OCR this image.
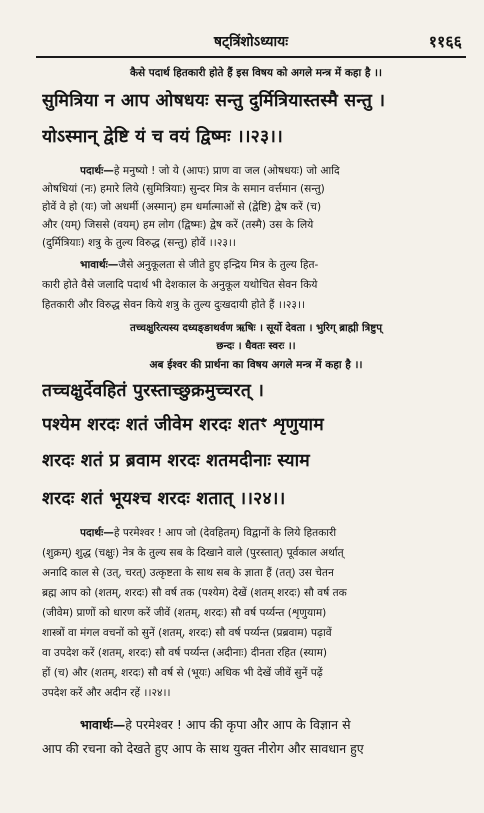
षट्त्रिंशोऽध्यायः	११६६
कैसे पदार्थ हितकारी होते हैं इस विषय को अगले मन्त्र में कहा है ।।
सुमित्रिया न आप ओषधयः सन्तु दुर्मित्रियास्तस्मै सन्तु ।
योऽस्मान् द्वेष्टि यं च वयं द्विष्मः ।।२३।।
पदार्थः—हे मनुष्यो ! जो ये (आपः) प्राण वा जल (ओषधयः) जो आदि
ओषधियां (नः) हमारे लिये (सुमित्रियाः) सुन्दर मित्र के समान वर्त्तमान (सन्तु)
होवें वे हो (यः) जो अधर्मी (अस्मान्) हम धर्मात्माओं से (द्वेष्टि) द्वेष करें (च)
और (यम्) जिससे (वयम्) हम लोग (द्विष्मः) द्वेष करें (तस्मै) उस के लिये
(दुर्मित्रियाः) शत्रु के तुल्य विरुद्ध (सन्तु) होवें ।।२३।।
भावार्थः—जैसे अनुकूलता से जीते हुए इन्द्रिय मित्र के तुल्य हित-
कारी होते वैसे जलादि पदार्थ भी देशकाल के अनुकूल यथोचित सेवन किये
हितकारी और विरुद्ध सेवन किये शत्रु के तुल्य दुःखदायी होते हैं ।।२३।।
तच्चक्षुरित्यस्य दध्यङ्ङाथर्वण ऋषिः । सूर्यो देवता । भुरिग् ब्राह्मी त्रिष्टुप्
छन्दः । धैवतः स्वरः ।।
अब ईश्वर की प्रार्थना का विषय अगले मन्त्र में कहा है ।।
तच्चक्षुर्देवहितं पुरस्ताच्छुक्रमुच्चरत् ।
पश्येम शरदः शतं जीवेम शरदः शतꣳ शृणुयाम
शरदः शतं प्र ब्रवाम शरदः शतमदीनाः स्याम
शरदः शतं भूयश्च शरदः शतात् ।।२४।।
पदार्थः—हे परमेश्वर ! आप जो (देवहितम्) विद्वानों के लिये हितकारी
(शुक्रम्) शुद्ध (चक्षुः) नेत्र के तुल्य सब के दिखाने वाले (पुरस्तात्) पूर्वकाल अर्थात्
अनादि काल से (उत्, चरत्) उत्कृष्टता के साथ सब के ज्ञाता हैं (तत्) उस चेतन
ब्रह्म आप को (शतम्, शरदः) सौ वर्ष तक (पश्येम) देखें (शतम् शरदः) सौ वर्ष तक
(जीवेम) प्राणों को धारण करें जीवें (शतम्, शरदः) सौ वर्ष पर्य्यन्त (शृणुयाम)
शास्त्रों वा मंगल वचनों को सुनें (शतम्, शरदः) सौ वर्ष पर्य्यन्त (प्रब्रवाम) पढ़ावें
वा उपदेश करें (शतम्, शरदः) सौ वर्ष पर्य्यन्त (अदीनाः) दीनता रहित (स्याम)
हों (च) और (शतम्, शरदः) सौ वर्ष से (भूयः) अधिक भी देखें जीवें सुनें पढ़ें
उपदेश करें और अदीन रहें ।।२४।।
भावार्थः—हे परमेश्वर ! आप की कृपा और आप के विज्ञान से
आप की रचना को देखते हुए आप के साथ युक्त नीरोग और सावधान हुए
